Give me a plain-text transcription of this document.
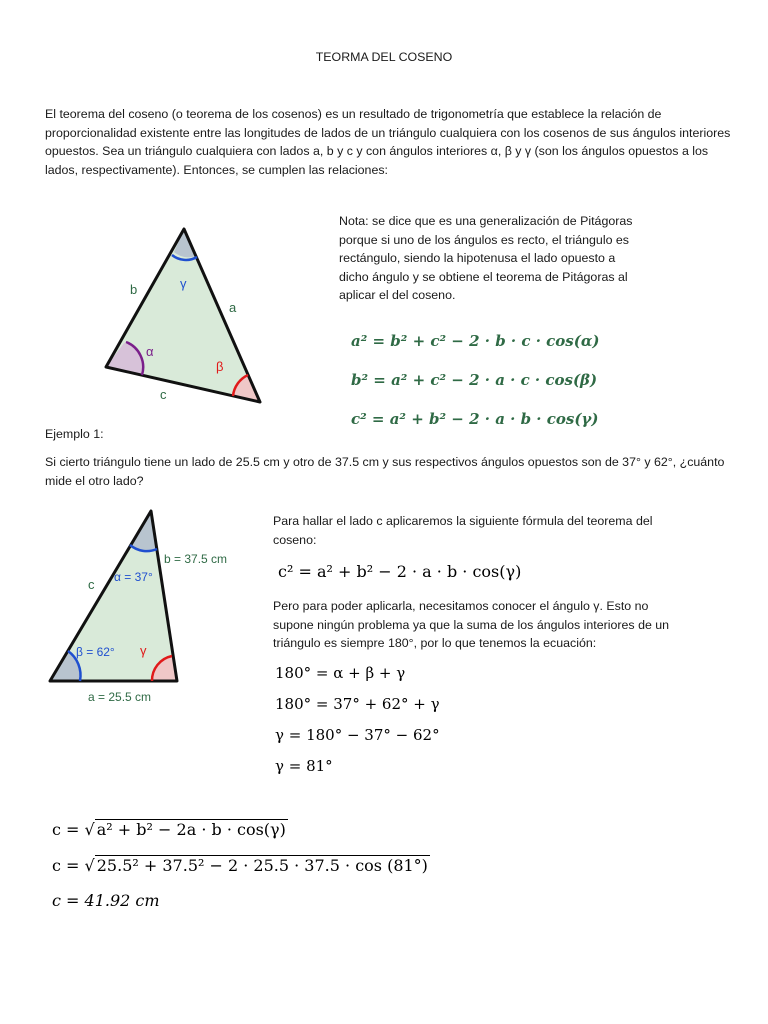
TEORMA DEL COSENO
El teorema del coseno (o teorema de los cosenos) es un resultado de trigonometría que establece la relación de proporcionalidad existente entre las longitudes de lados de un triángulo cualquiera con los cosenos de sus ángulos interiores opuestos. Sea un triángulo cualquiera con lados a, b y c y con ángulos interiores α, β y γ (son los ángulos opuestos a los lados, respectivamente). Entonces, se cumplen las relaciones:
b	γ
a
α
β
c
Nota: se dice que es una generalización de Pitágoras porque si uno de los ángulos es recto, el triángulo es rectángulo, siendo la hipotenusa el lado opuesto a dicho ángulo y se obtiene el teorema de Pitágoras al aplicar el del coseno.
a² = b² + c² − 2 · b · c · cos(α)
b² = a² + c² − 2 · a · c · cos(β)
c² = a² + b² − 2 · a · b · cos(γ)
Ejemplo 1:
Si cierto triángulo tiene un lado de 25.5 cm y otro de 37.5 cm y sus respectivos ángulos opuestos son de 37° y 62°, ¿cuánto mide el otro lado?
b = 37.5 cm
α = 37°
c
β = 62° γ
a = 25.5 cm
Para hallar el lado c aplicaremos la siguiente fórmula del teorema del coseno:
c² = a² + b² − 2 · a · b · cos(γ)
Pero para poder aplicarla, necesitamos conocer el ángulo γ. Esto no supone ningún problema ya que la suma de los ángulos interiores de un triángulo es siempre 180°, por lo que tenemos la ecuación:
180° = α + β + γ
180° = 37° + 62° + γ
γ = 180° − 37° − 62°
γ = 81°
c = √ a² + b² − 2a · b · cos(γ)
c = √ 25.5² + 37.5² − 2 · 25.5 · 37.5 · cos (81°)
c = 41.92 cm
